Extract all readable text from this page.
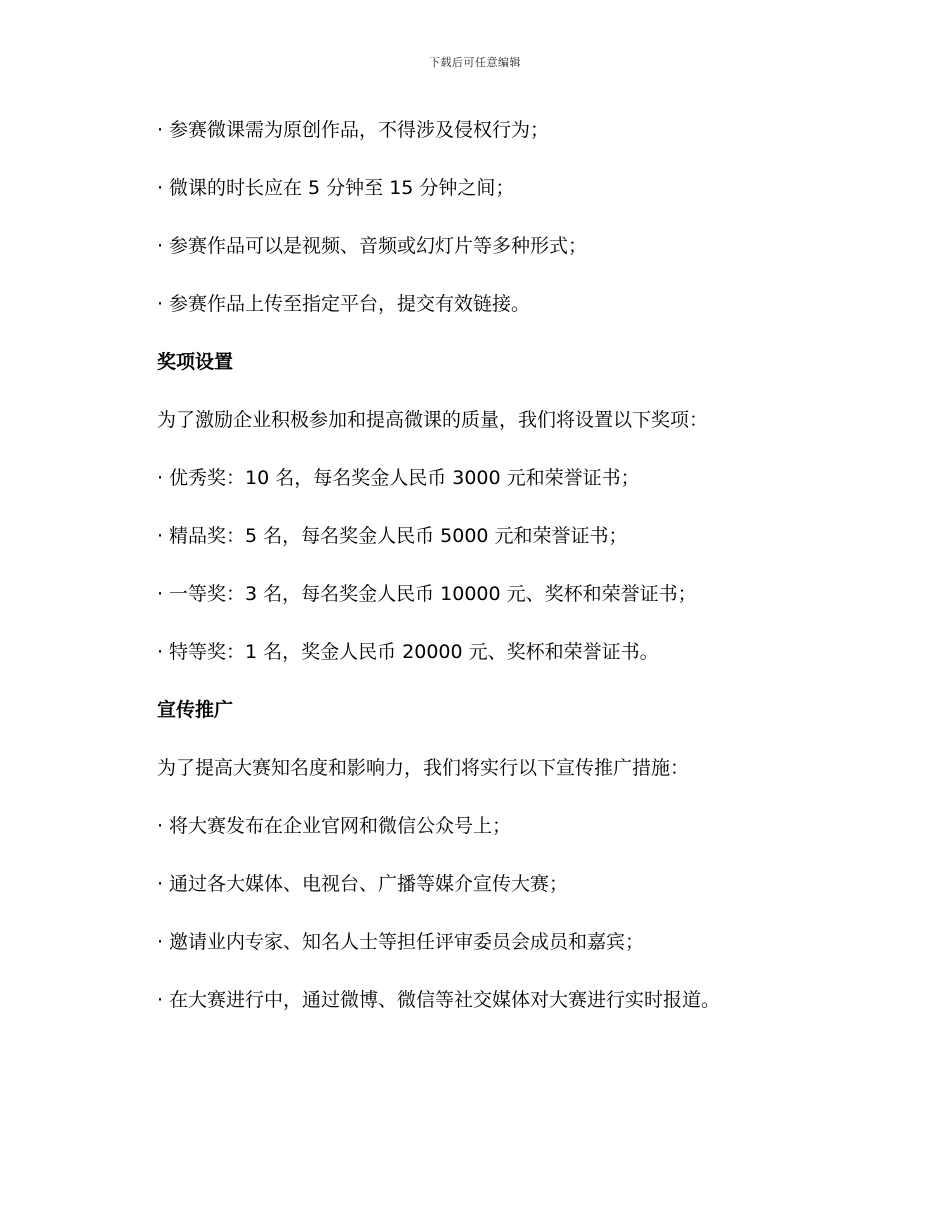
下载后可任意编辑
· 参赛微课需为原创作品，不得涉及侵权行为；
· 微课的时长应在 5 分钟至 15 分钟之间；
· 参赛作品可以是视频、音频或幻灯片等多种形式；
· 参赛作品上传至指定平台，提交有效链接。
奖项设置
为了激励企业积极参加和提高微课的质量，我们将设置以下奖项：
· 优秀奖：10 名，每名奖金人民币 3000 元和荣誉证书；
· 精品奖：5 名，每名奖金人民币 5000 元和荣誉证书；
· 一等奖：3 名，每名奖金人民币 10000 元、奖杯和荣誉证书；
· 特等奖：1 名，奖金人民币 20000 元、奖杯和荣誉证书。
宣传推广
为了提高大赛知名度和影响力，我们将实行以下宣传推广措施：
· 将大赛发布在企业官网和微信公众号上；
· 通过各大媒体、电视台、广播等媒介宣传大赛；
· 邀请业内专家、知名人士等担任评审委员会成员和嘉宾；
· 在大赛进行中，通过微博、微信等社交媒体对大赛进行实时报道。
